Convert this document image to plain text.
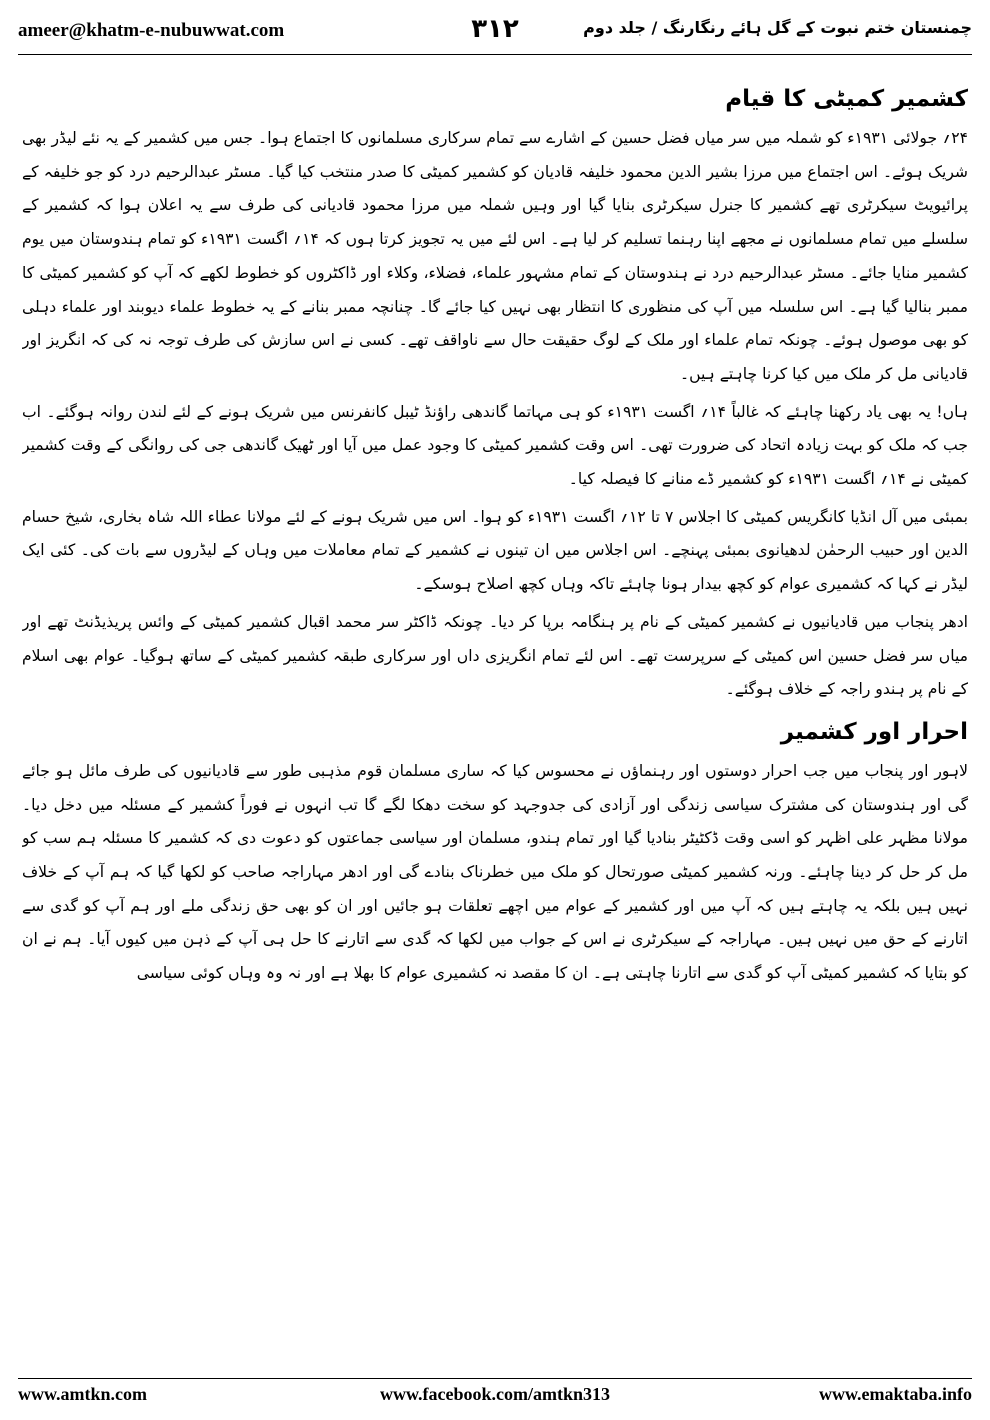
ameer@khatm-e-nubuwwat.com	۳۱۲	چمنستان ختم نبوت کے گل ہائے رنگارنگ / جلد دوم
کشمیر کمیٹی کا قیام

۲۴؍ جولائی ۱۹۳۱ء کو شملہ میں سر میاں فضل حسین کے اشارے سے تمام سرکاری مسلمانوں کا اجتماع ہوا۔ جس میں کشمیر کے یہ نئے لیڈر بھی شریک ہوئے۔ اس اجتماع میں مرزا بشیر الدین محمود خلیفہ قادیان کو کشمیر کمیٹی کا صدر منتخب کیا گیا۔ مسٹر عبدالرحیم درد کو جو خلیفہ کے پرائیویٹ سیکرٹری تھے کشمیر کا جنرل سیکرٹری بنایا گیا اور وہیں شملہ میں مرزا محمود قادیانی کی طرف سے یہ اعلان ہوا کہ کشمیر کے سلسلے میں تمام مسلمانوں نے مجھے اپنا رہنما تسلیم کر لیا ہے۔ اس لئے میں یہ تجویز کرتا ہوں کہ ۱۴؍ اگست ۱۹۳۱ء کو تمام ہندوستان میں یوم کشمیر منایا جائے۔ مسٹر عبدالرحیم درد نے ہندوستان کے تمام مشہور علماء، فضلاء، وکلاء اور ڈاکٹروں کو خطوط لکھے کہ آپ کو کشمیر کمیٹی کا ممبر بنالیا گیا ہے۔ اس سلسلہ میں آپ کی منظوری کا انتظار بھی نہیں کیا جائے گا۔ چنانچہ ممبر بنانے کے یہ خطوط علماء دیوبند اور علماء دہلی کو بھی موصول ہوئے۔ چونکہ تمام علماء اور ملک کے لوگ حقیقت حال سے ناواقف تھے۔ کسی نے اس سازش کی طرف توجہ نہ کی کہ انگریز اور قادیانی مل کر ملک میں کیا کرنا چاہتے ہیں۔

ہاں! یہ بھی یاد رکھنا چاہئے کہ غالباً ۱۴؍ اگست ۱۹۳۱ء کو ہی مہاتما گاندھی راؤنڈ ٹیبل کانفرنس میں شریک ہونے کے لئے لندن روانہ ہوگئے۔ اب جب کہ ملک کو بہت زیادہ اتحاد کی ضرورت تھی۔ اس وقت کشمیر کمیٹی کا وجود عمل میں آیا اور ٹھیک گاندھی جی کی روانگی کے وقت کشمیر کمیٹی نے ۱۴؍ اگست ۱۹۳۱ء کو کشمیر ڈے منانے کا فیصلہ کیا۔

بمبئی میں آل انڈیا کانگریس کمیٹی کا اجلاس ۷ تا ۱۲؍ اگست ۱۹۳۱ء کو ہوا۔ اس میں شریک ہونے کے لئے مولانا عطاء اللہ شاہ بخاری، شیخ حسام الدین اور حبیب الرحمٰن لدھیانوی بمبئی پہنچے۔ اس اجلاس میں ان تینوں نے کشمیر کے تمام معاملات میں وہاں کے لیڈروں سے بات کی۔ کئی ایک لیڈر نے کہا کہ کشمیری عوام کو کچھ بیدار ہونا چاہئے تاکہ وہاں کچھ اصلاح ہوسکے۔

ادھر پنجاب میں قادیانیوں نے کشمیر کمیٹی کے نام پر ہنگامہ برپا کر دیا۔ چونکہ ڈاکٹر سر محمد اقبال کشمیر کمیٹی کے وائس پریذیڈنٹ تھے اور میاں سر فضل حسین اس کمیٹی کے سرپرست تھے۔ اس لئے تمام انگریزی داں اور سرکاری طبقہ کشمیر کمیٹی کے ساتھ ہوگیا۔ عوام بھی اسلام کے نام پر ہندو راجہ کے خلاف ہوگئے۔

احرار اور کشمیر

لاہور اور پنجاب میں جب احرار دوستوں اور رہنماؤں نے محسوس کیا کہ ساری مسلمان قوم مذہبی طور سے قادیانیوں کی طرف مائل ہو جائے گی اور ہندوستان کی مشترک سیاسی زندگی اور آزادی کی جدوجہد کو سخت دھکا لگے گا تب انہوں نے فوراً کشمیر کے مسئلہ میں دخل دیا۔ مولانا مظہر علی اظہر کو اسی وقت ڈکٹیٹر بنادیا گیا اور تمام ہندو، مسلمان اور سیاسی جماعتوں کو دعوت دی کہ کشمیر کا مسئلہ ہم سب کو مل کر حل کر دینا چاہئے۔ ورنہ کشمیر کمیٹی صورتحال کو ملک میں خطرناک بنادے گی اور ادھر مہاراجہ صاحب کو لکھا گیا کہ ہم آپ کے خلاف نہیں ہیں بلکہ یہ چاہتے ہیں کہ آپ میں اور کشمیر کے عوام میں اچھے تعلقات ہو جائیں اور ان کو بھی حق زندگی ملے اور ہم آپ کو گدی سے اتارنے کے حق میں نہیں ہیں۔ مہاراجہ کے سیکرٹری نے اس کے جواب میں لکھا کہ گدی سے اتارنے کا حل ہی آپ کے ذہن میں کیوں آیا۔ ہم نے ان کو بتایا کہ کشمیر کمیٹی آپ کو گدی سے اتارنا چاہتی ہے۔ ان کا مقصد نہ کشمیری عوام کا بھلا ہے اور نہ وہ وہاں کوئی سیاسی

www.amtkn.com	www.facebook.com/amtkn313	www.emaktaba.info
